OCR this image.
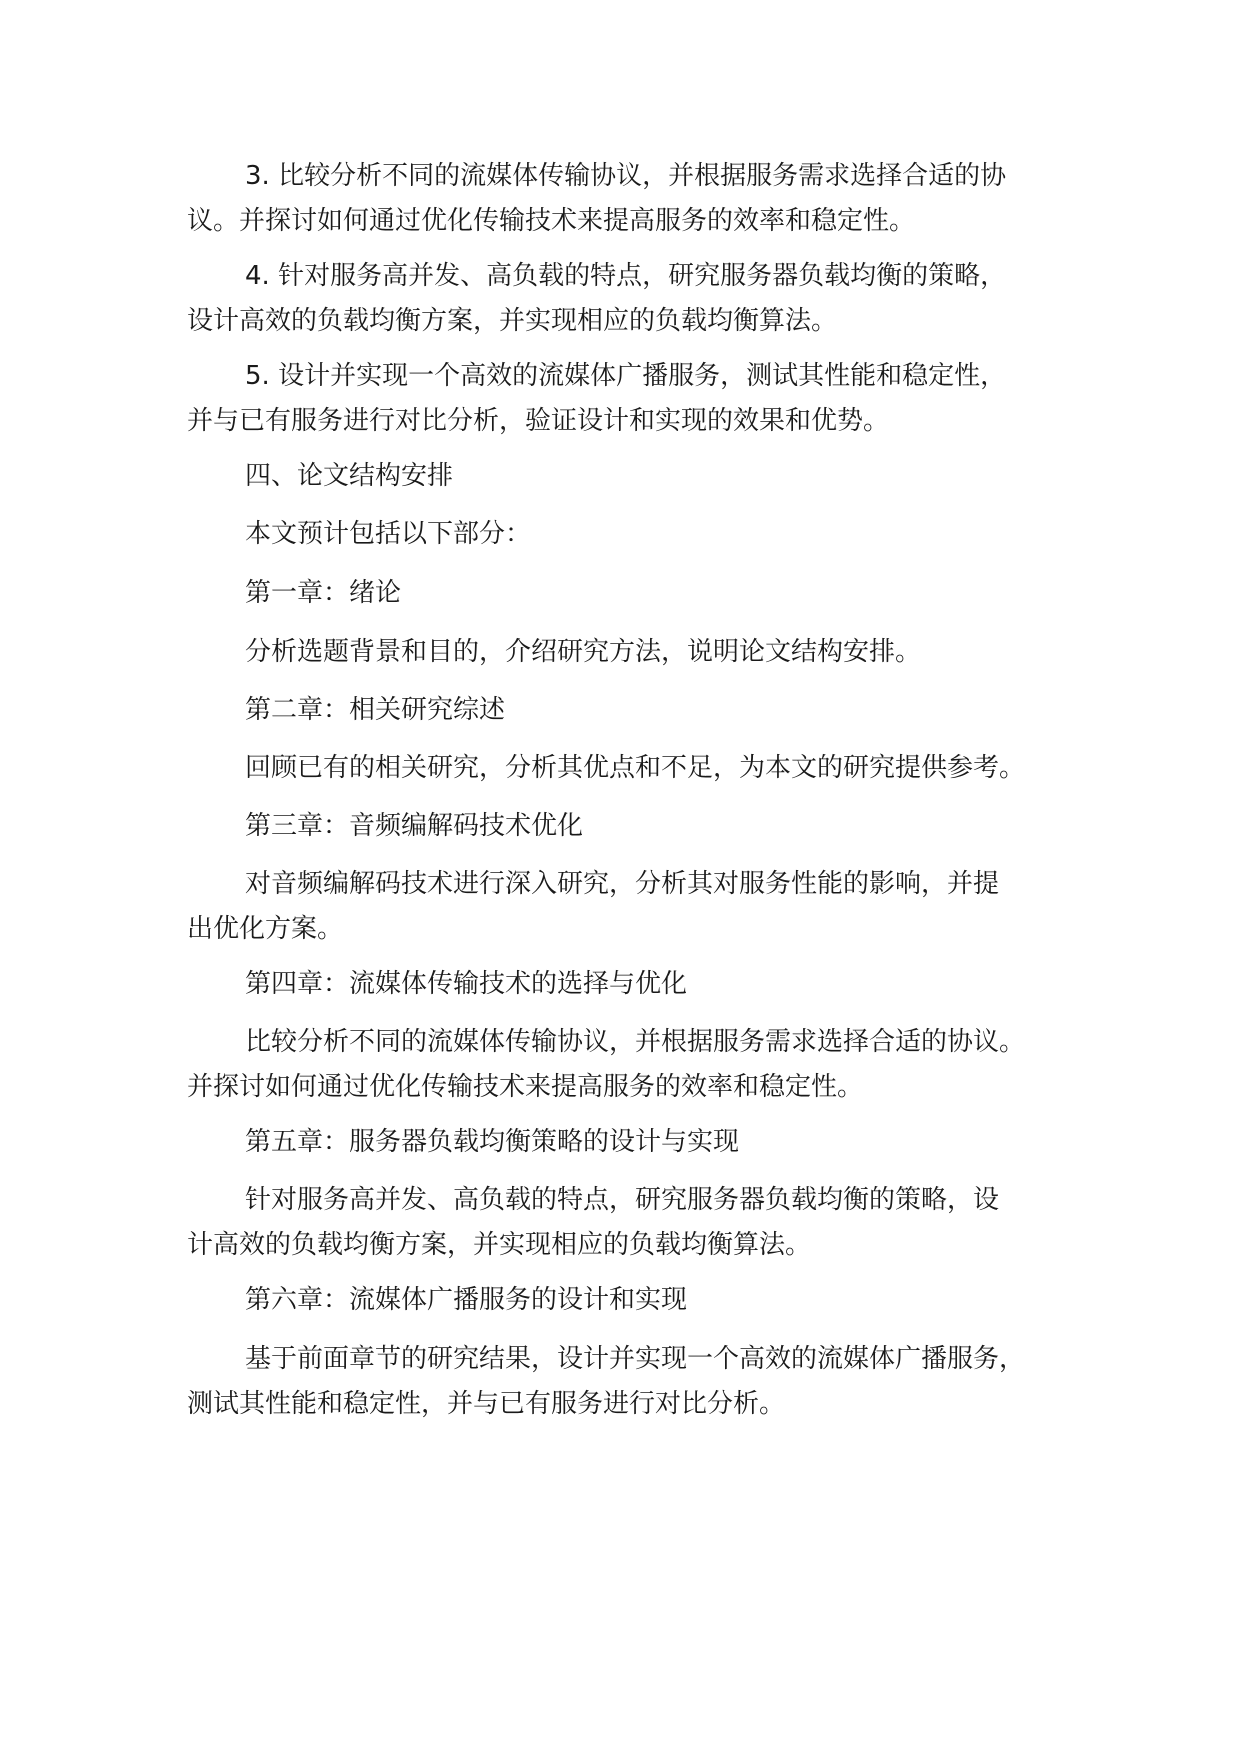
3. 比较分析不同的流媒体传输协议，并根据服务需求选择合适的协
议。并探讨如何通过优化传输技术来提高服务的效率和稳定性。

4. 针对服务高并发、高负载的特点，研究服务器负载均衡的策略，
设计高效的负载均衡方案，并实现相应的负载均衡算法。

5. 设计并实现一个高效的流媒体广播服务，测试其性能和稳定性，
并与已有服务进行对比分析，验证设计和实现的效果和优势。

四、论文结构安排

本文预计包括以下部分：

第一章：绪论

分析选题背景和目的，介绍研究方法，说明论文结构安排。

第二章：相关研究综述

回顾已有的相关研究，分析其优点和不足，为本文的研究提供参考。

第三章：音频编解码技术优化

对音频编解码技术进行深入研究，分析其对服务性能的影响，并提
出优化方案。

第四章：流媒体传输技术的选择与优化

比较分析不同的流媒体传输协议，并根据服务需求选择合适的协议。
并探讨如何通过优化传输技术来提高服务的效率和稳定性。

第五章：服务器负载均衡策略的设计与实现

针对服务高并发、高负载的特点，研究服务器负载均衡的策略，设
计高效的负载均衡方案，并实现相应的负载均衡算法。

第六章：流媒体广播服务的设计和实现

基于前面章节的研究结果，设计并实现一个高效的流媒体广播服务，
测试其性能和稳定性，并与已有服务进行对比分析。
